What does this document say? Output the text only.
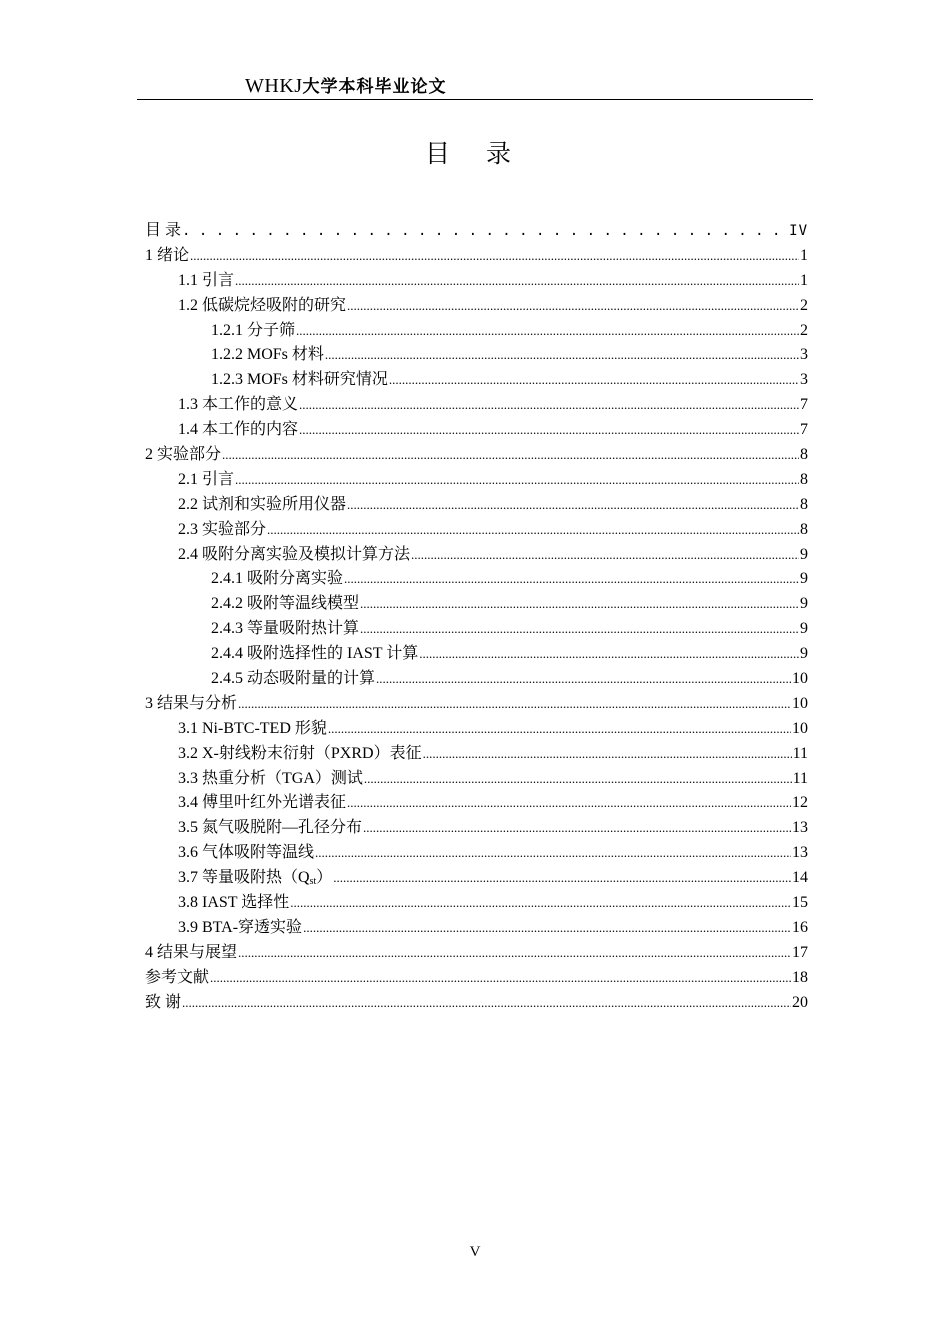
WHKJ大学本科毕业论文
目 录
目 录 . . .	IV
1 绪论 .....	1
1.1 引言 .....	1
1.2 低碳烷烃吸附的研究 .....	2
1.2.1 分子筛 .....	2
1.2.2 MOFs 材料 .....	3
1.2.3 MOFs 材料研究情况 .....	3
1.3 本工作的意义 .....	7
1.4 本工作的内容 .....	7
2 实验部分 .....	8
2.1 引言 .....	8
2.2 试剂和实验所用仪器 .....	8
2.3 实验部分 .....	8
2.4 吸附分离实验及模拟计算方法 .....	9
2.4.1 吸附分离实验 .....	9
2.4.2 吸附等温线模型 .....	9
2.4.3 等量吸附热计算 .....	9
2.4.4 吸附选择性的 IAST 计算 .....	9
2.4.5 动态吸附量的计算 .....	10
3 结果与分析 .....	10
3.1 Ni-BTC-TED 形貌 .....	10
3.2 X-射线粉末衍射（PXRD）表征 .....	11
3.3 热重分析（TGA）测试 .....	11
3.4 傅里叶红外光谱表征 .....	12
3.5 氮气吸脱附—孔径分布 .....	13
3.6 气体吸附等温线 .....	13
3.7 等量吸附热$(Q_{st})$ .....	14
3.8 IAST 选择性 .....	15
3.9 BTA-穿透实验 .....	16
4 结果与展望 .....	17
参考文献 .....	18
致 谢 .....	20
V
